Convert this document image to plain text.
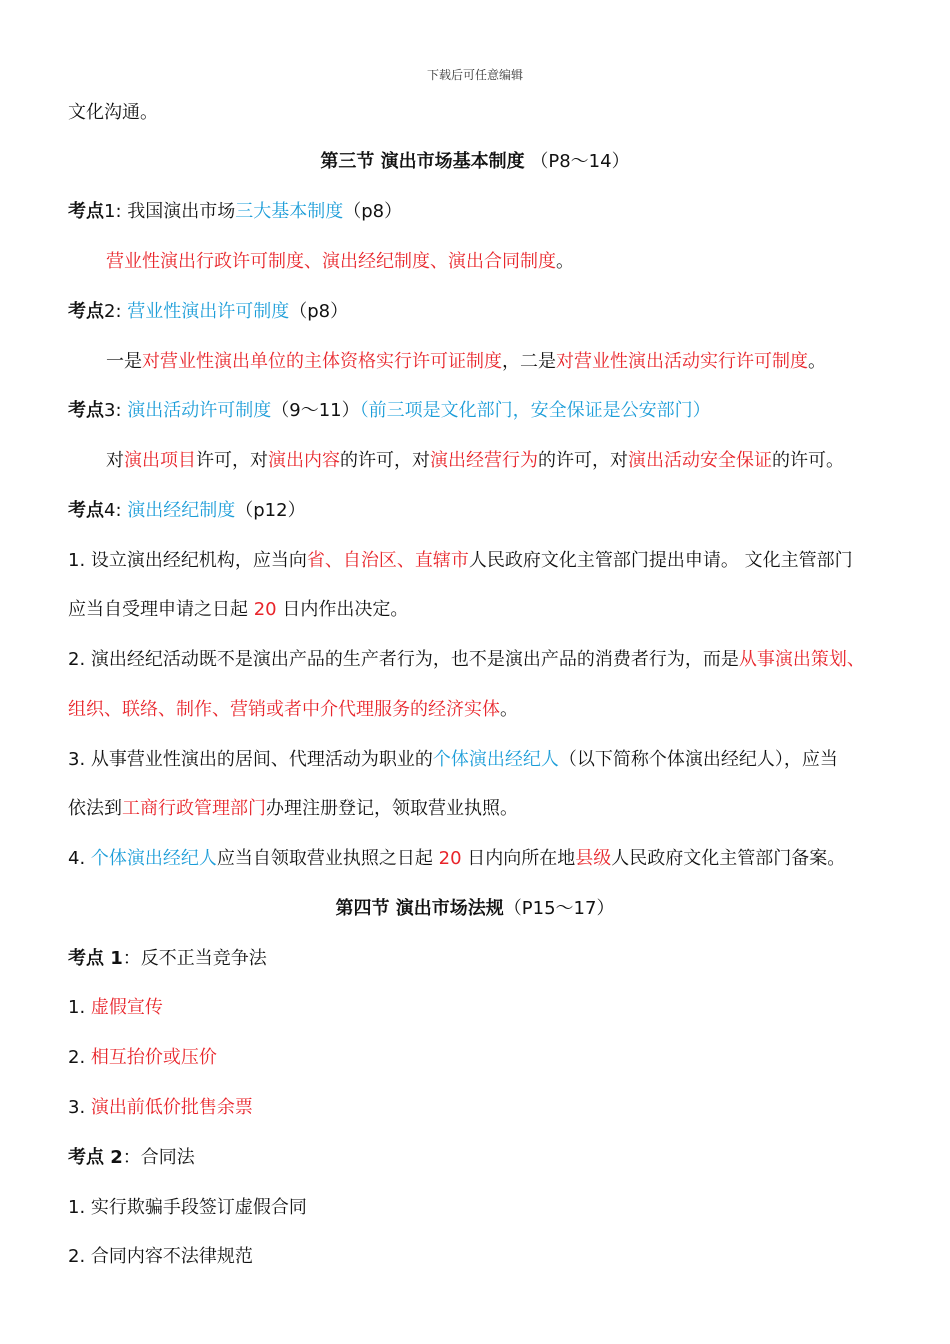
下载后可任意编辑
文化沟通。
第三节 演出市场基本制度 （P8～14）
考点1: 我国演出市场三大基本制度（p8）
营业性演出行政许可制度、演出经纪制度、演出合同制度。
考点2: 营业性演出许可制度（p8）
一是对营业性演出单位的主体资格实行许可证制度，二是对营业性演出活动实行许可制度。
考点3: 演出活动许可制度（9～11）（前三项是文化部门，安全保证是公安部门）
对演出项目许可，对演出内容的许可，对演出经营行为的许可，对演出活动安全保证的许可。
考点4: 演出经纪制度（p12）
1. 设立演出经纪机构，应当向省、自治区、直辖市人民政府文化主管部门提出申请。 文化主管部门
应当自受理申请之日起 20 日内作出决定。
2. 演出经纪活动既不是演出产品的生产者行为，也不是演出产品的消费者行为，而是从事演出策划、
组织、联络、制作、营销或者中介代理服务的经济实体。
3. 从事营业性演出的居间、代理活动为职业的个体演出经纪人（以下简称个体演出经纪人），应当
依法到工商行政管理部门办理注册登记，领取营业执照。
4. 个体演出经纪人应当自领取营业执照之日起 20 日内向所在地县级人民政府文化主管部门备案。
第四节 演出市场法规（P15～17）
考点 1：反不正当竞争法
1. 虚假宣传
2. 相互抬价或压价
3. 演出前低价批售余票
考点 2：合同法
1. 实行欺骗手段签订虚假合同
2. 合同内容不法律规范
